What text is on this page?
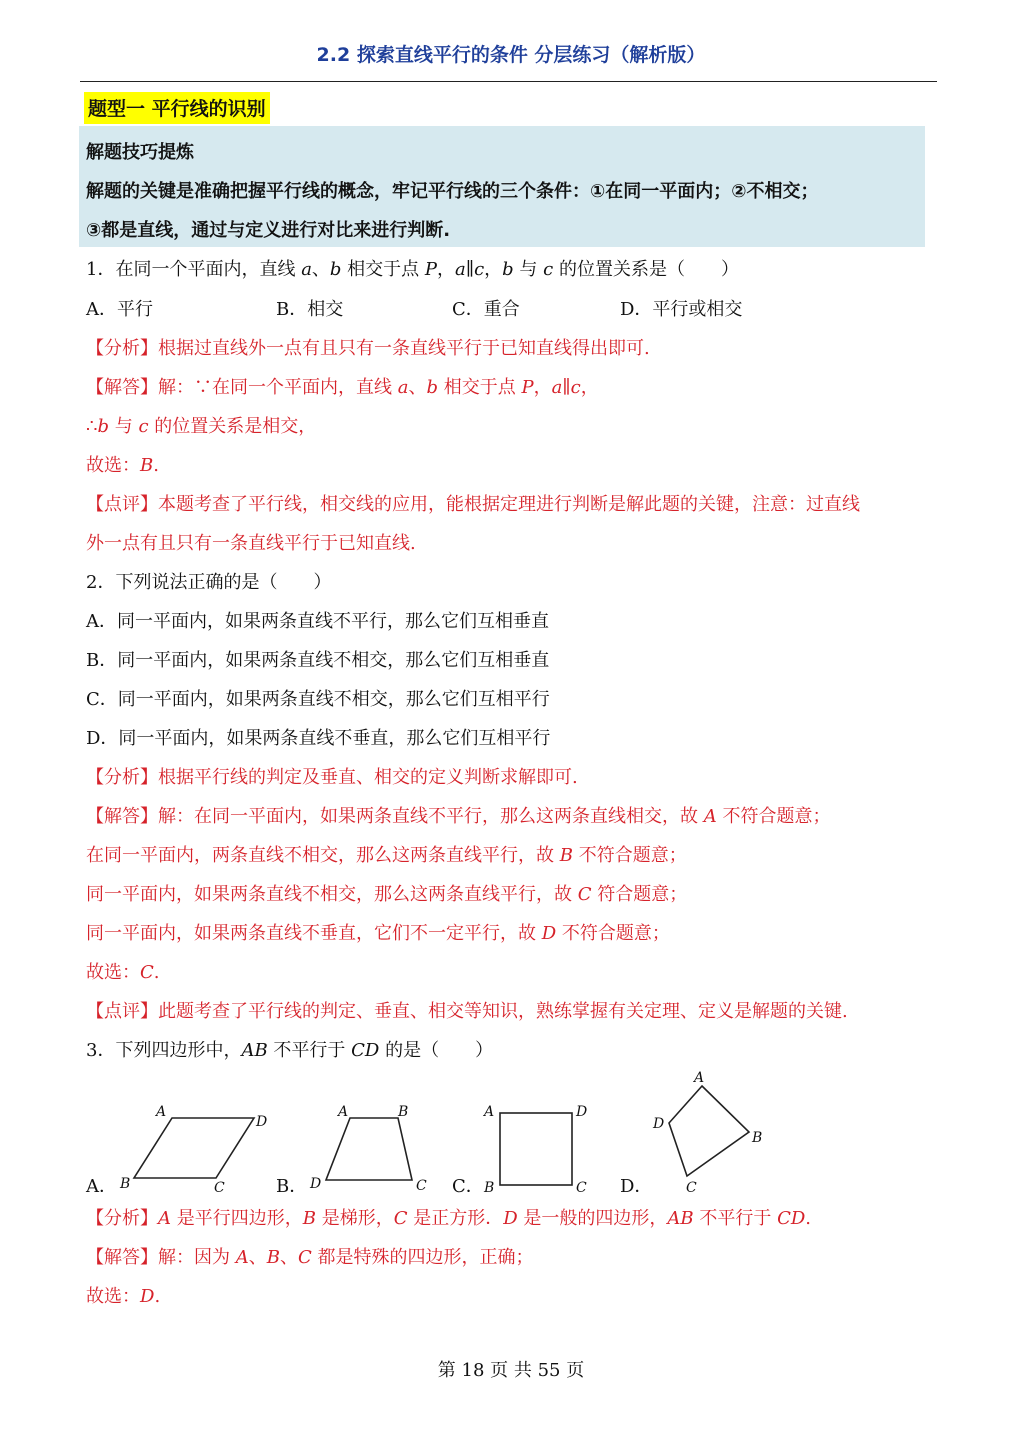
2.2 探索直线平行的条件 分层练习（解析版）
题型一 平行线的识别
解题技巧提炼
解题的关键是准确把握平行线的概念，牢记平行线的三个条件：①在同一平面内；②不相交；
③都是直线，通过与定义进行对比来进行判断.
1．在同一个平面内，直线 a、b 相交于点 P，a∥c，b 与 c 的位置关系是（　　）
A．平行	B．相交	C．重合	D．平行或相交
【分析】根据过直线外一点有且只有一条直线平行于已知直线得出即可.
【解答】解：∵在同一个平面内，直线 a、b 相交于点 P，a∥c，
∴b 与 c 的位置关系是相交，
故选：B.
【点评】本题考查了平行线，相交线的应用，能根据定理进行判断是解此题的关键，注意：过直线
外一点有且只有一条直线平行于已知直线.
2．下列说法正确的是（　　）
A．同一平面内，如果两条直线不平行，那么它们互相垂直
B．同一平面内，如果两条直线不相交，那么它们互相垂直
C．同一平面内，如果两条直线不相交，那么它们互相平行
D．同一平面内，如果两条直线不垂直，那么它们互相平行
【分析】根据平行线的判定及垂直、相交的定义判断求解即可.
【解答】解：在同一平面内，如果两条直线不平行，那么这两条直线相交，故 A 不符合题意；
在同一平面内，两条直线不相交，那么这两条直线平行，故 B 不符合题意；
同一平面内，如果两条直线不相交，那么这两条直线平行，故 C 符合题意；
同一平面内，如果两条直线不垂直，它们不一定平行，故 D 不符合题意；
故选：C.
【点评】此题考查了平行线的判定、垂直、相交等知识，熟练掌握有关定理、定义是解题的关键.
3．下列四边形中，AB 不平行于 CD 的是（　　）
A．
A
D
B	C	B．
A	B
D	C C．
A	D
B	C D．
A
D
B
C
【分析】A 是平行四边形，B 是梯形，C 是正方形．D 是一般的四边形，AB 不平行于 CD.
【解答】解：因为 A、B、C 都是特殊的四边形，正确；
故选：D.
第 18 页 共 55 页
